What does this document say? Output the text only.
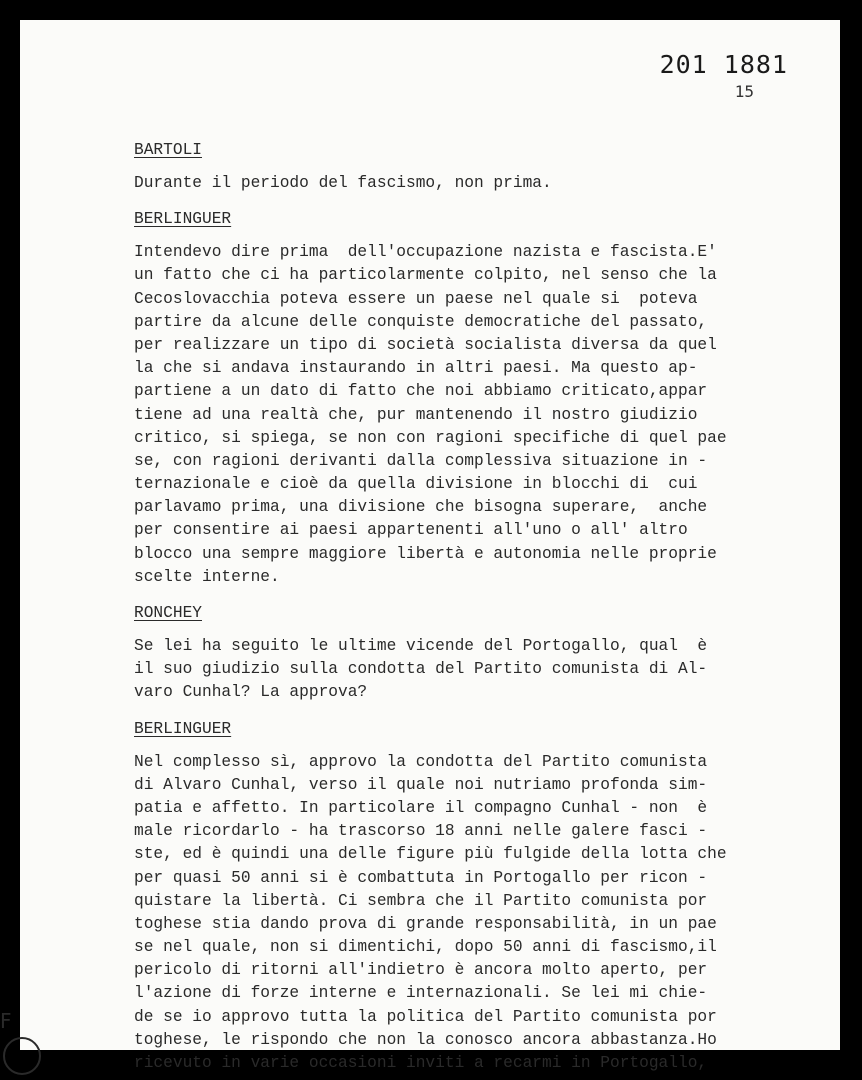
201 1881
15
BARTOLI
Durante il periodo del fascismo, non prima.
BERLINGUER
Intendevo dire prima  dell'occupazione nazista e fascista.E'
un fatto che ci ha particolarmente colpito, nel senso che la
Cecoslovacchia poteva essere un paese nel quale si  poteva
partire da alcune delle conquiste democratiche del passato,
per realizzare un tipo di società socialista diversa da quel
la che si andava instaurando in altri paesi. Ma questo ap-
partiene a un dato di fatto che noi abbiamo criticato,appar
tiene ad una realtà che, pur mantenendo il nostro giudizio
critico, si spiega, se non con ragioni specifiche di quel pae
se, con ragioni derivanti dalla complessiva situazione in -
ternazionale e cioè da quella divisione in blocchi di  cui
parlavamo prima, una divisione che bisogna superare,  anche
per consentire ai paesi appartenenti all'uno o all' altro
blocco una sempre maggiore libertà e autonomia nelle proprie
scelte interne.
RONCHEY
Se lei ha seguito le ultime vicende del Portogallo, qual  è
il suo giudizio sulla condotta del Partito comunista di Al-
varo Cunhal? La approva?
BERLINGUER
Nel complesso sì, approvo la condotta del Partito comunista
di Alvaro Cunhal, verso il quale noi nutriamo profonda sim-
patia e affetto. In particolare il compagno Cunhal - non  è
male ricordarlo - ha trascorso 18 anni nelle galere fasci -
ste, ed è quindi una delle figure più fulgide della lotta che
per quasi 50 anni si è combattuta in Portogallo per ricon -
quistare la libertà. Ci sembra che il Partito comunista por
toghese stia dando prova di grande responsabilità, in un pae
se nel quale, non si dimentichi, dopo 50 anni di fascismo,il
pericolo di ritorni all'indietro è ancora molto aperto, per
l'azione di forze interne e internazionali. Se lei mi chie-
de se io approvo tutta la politica del Partito comunista por
toghese, le rispondo che non la conosco ancora abbastanza.Ho
ricevuto in varie occasioni inviti a recarmi in Portogallo,
F
